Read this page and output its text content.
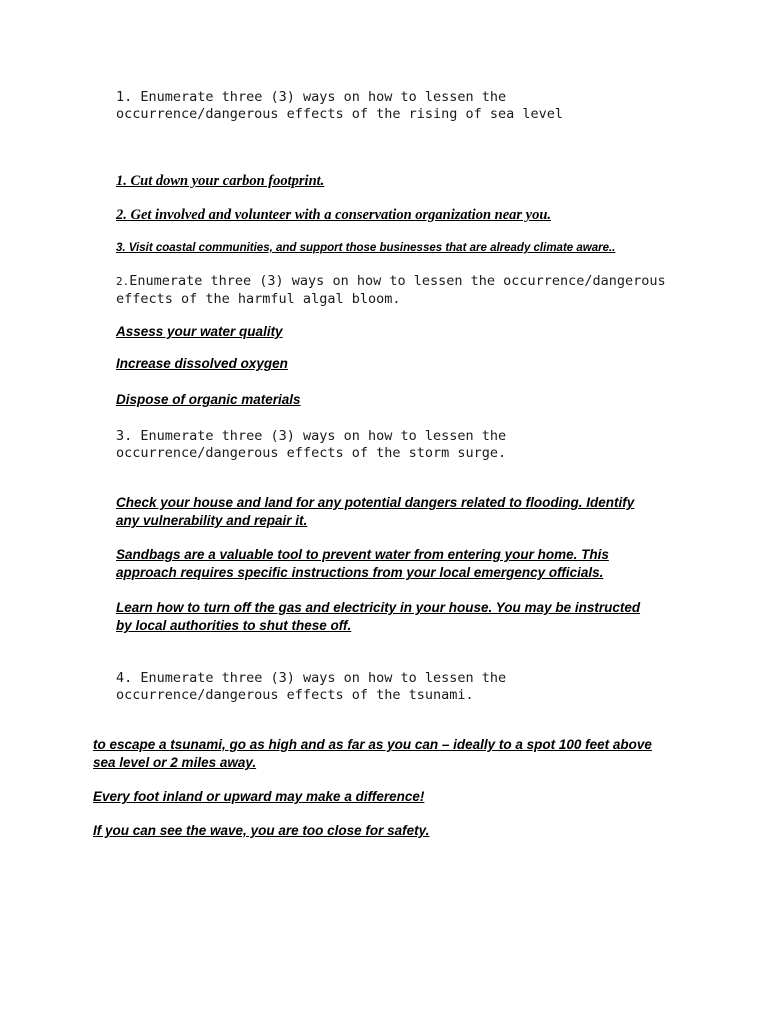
1. Enumerate three (3) ways on how to lessen the occurrence/dangerous effects of the rising of sea level

1. Cut down your carbon footprint.

2. Get involved and volunteer with a conservation organization near you.

3. Visit coastal communities, and support those businesses that are already climate aware..

2.Enumerate three (3) ways on how to lessen the occurrence/dangerous effects of the harmful algal bloom.

Assess your water quality

Increase dissolved oxygen

Dispose of organic materials

3. Enumerate three (3) ways on how to lessen the occurrence/dangerous effects of the storm surge.

Check your house and land for any potential dangers related to flooding. Identify any vulnerability and repair it.

Sandbags are a valuable tool to prevent water from entering your home. This approach requires specific instructions from your local emergency officials.

Learn how to turn off the gas and electricity in your house. You may be instructed by local authorities to shut these off.

4. Enumerate three (3) ways on how to lessen the occurrence/dangerous effects of the tsunami.

to escape a tsunami, go as high and as far as you can – ideally to a spot 100 feet above sea level or 2 miles away.

Every foot inland or upward may make a difference!

If you can see the wave, you are too close for safety.
